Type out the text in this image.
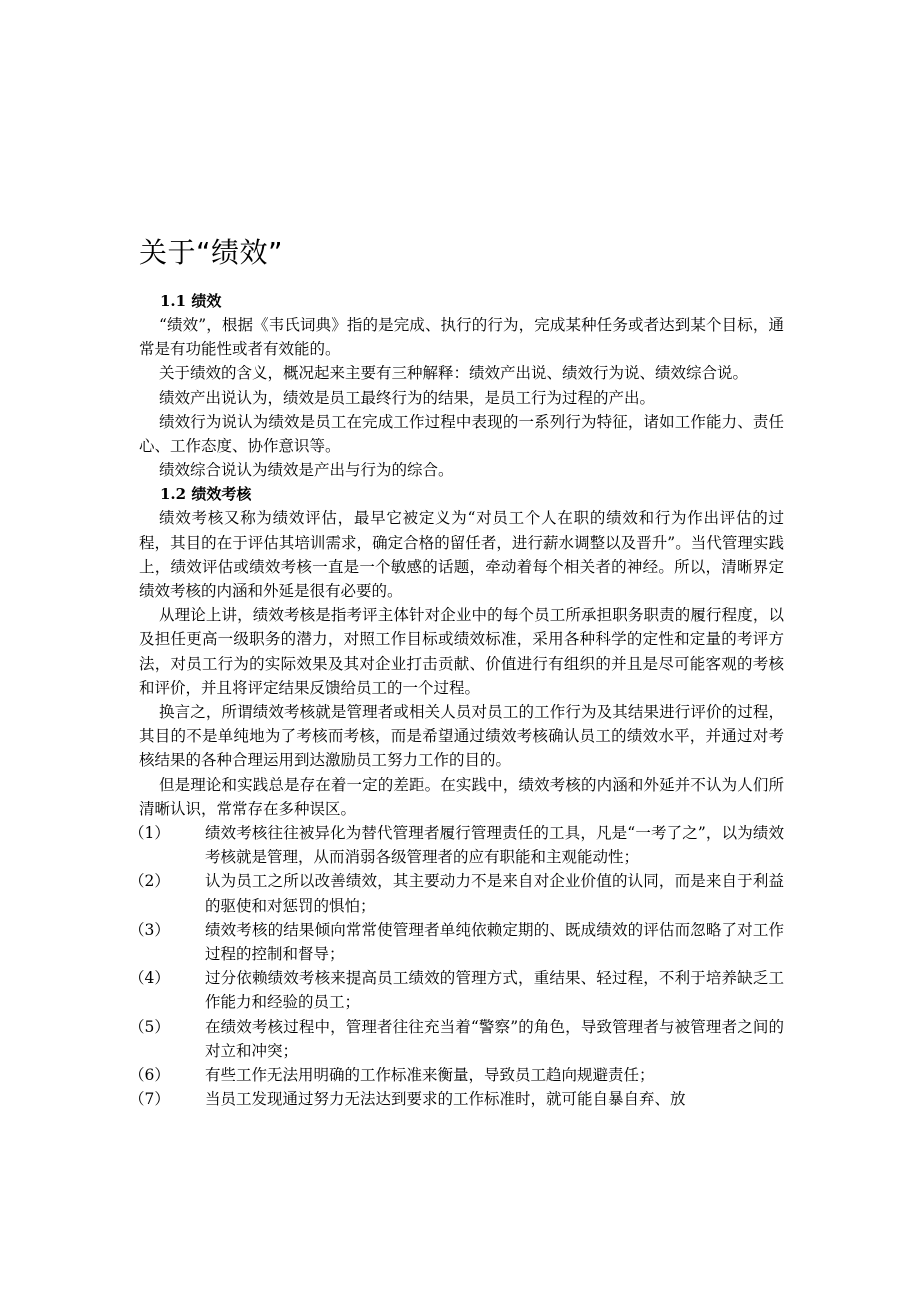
关于“绩效”
1.1 绩效

“绩效”，根据《韦氏词典》指的是完成、执行的行为，完成某种任务或者达到某个目标，通常是有功能性或者有效能的。

关于绩效的含义，概况起来主要有三种解释：绩效产出说、绩效行为说、绩效综合说。

绩效产出说认为，绩效是员工最终行为的结果，是员工行为过程的产出。

绩效行为说认为绩效是员工在完成工作过程中表现的一系列行为特征，诸如工作能力、责任心、工作态度、协作意识等。

绩效综合说认为绩效是产出与行为的综合。

1.2 绩效考核

绩效考核又称为绩效评估，最早它被定义为“对员工个人在职的绩效和行为作出评估的过程，其目的在于评估其培训需求，确定合格的留任者，进行薪水调整以及晋升”。当代管理实践上，绩效评估或绩效考核一直是一个敏感的话题，牵动着每个相关者的神经。所以，清晰界定绩效考核的内涵和外延是很有必要的。

从理论上讲，绩效考核是指考评主体针对企业中的每个员工所承担职务职责的履行程度，以及担任更高一级职务的潜力，对照工作目标或绩效标准，采用各种科学的定性和定量的考评方法，对员工行为的实际效果及其对企业打击贡献、价值进行有组织的并且是尽可能客观的考核和评价，并且将评定结果反馈给员工的一个过程。

换言之，所谓绩效考核就是管理者或相关人员对员工的工作行为及其结果进行评价的过程，其目的不是单纯地为了考核而考核，而是希望通过绩效考核确认员工的绩效水平，并通过对考核结果的各种合理运用到达激励员工努力工作的目的。

但是理论和实践总是存在着一定的差距。在实践中，绩效考核的内涵和外延并不认为人们所清晰认识，常常存在多种误区。

（1）	绩效考核往往被异化为替代管理者履行管理责任的工具，凡是“一考了之”，以为绩效考核就是管理，从而消弱各级管理者的应有职能和主观能动性；
（2）	认为员工之所以改善绩效，其主要动力不是来自对企业价值的认同，而是来自于利益的驱使和对惩罚的惧怕；
（3）	绩效考核的结果倾向常常使管理者单纯依赖定期的、既成绩效的评估而忽略了对工作过程的控制和督导；
（4）	过分依赖绩效考核来提高员工绩效的管理方式，重结果、轻过程，不利于培养缺乏工作能力和经验的员工；
（5）	在绩效考核过程中，管理者往往充当着“警察”的角色，导致管理者与被管理者之间的对立和冲突；
（6）	有些工作无法用明确的工作标准来衡量，导致员工趋向规避责任；
（7）	当员工发现通过努力无法达到要求的工作标准时，就可能自暴自弃、放
